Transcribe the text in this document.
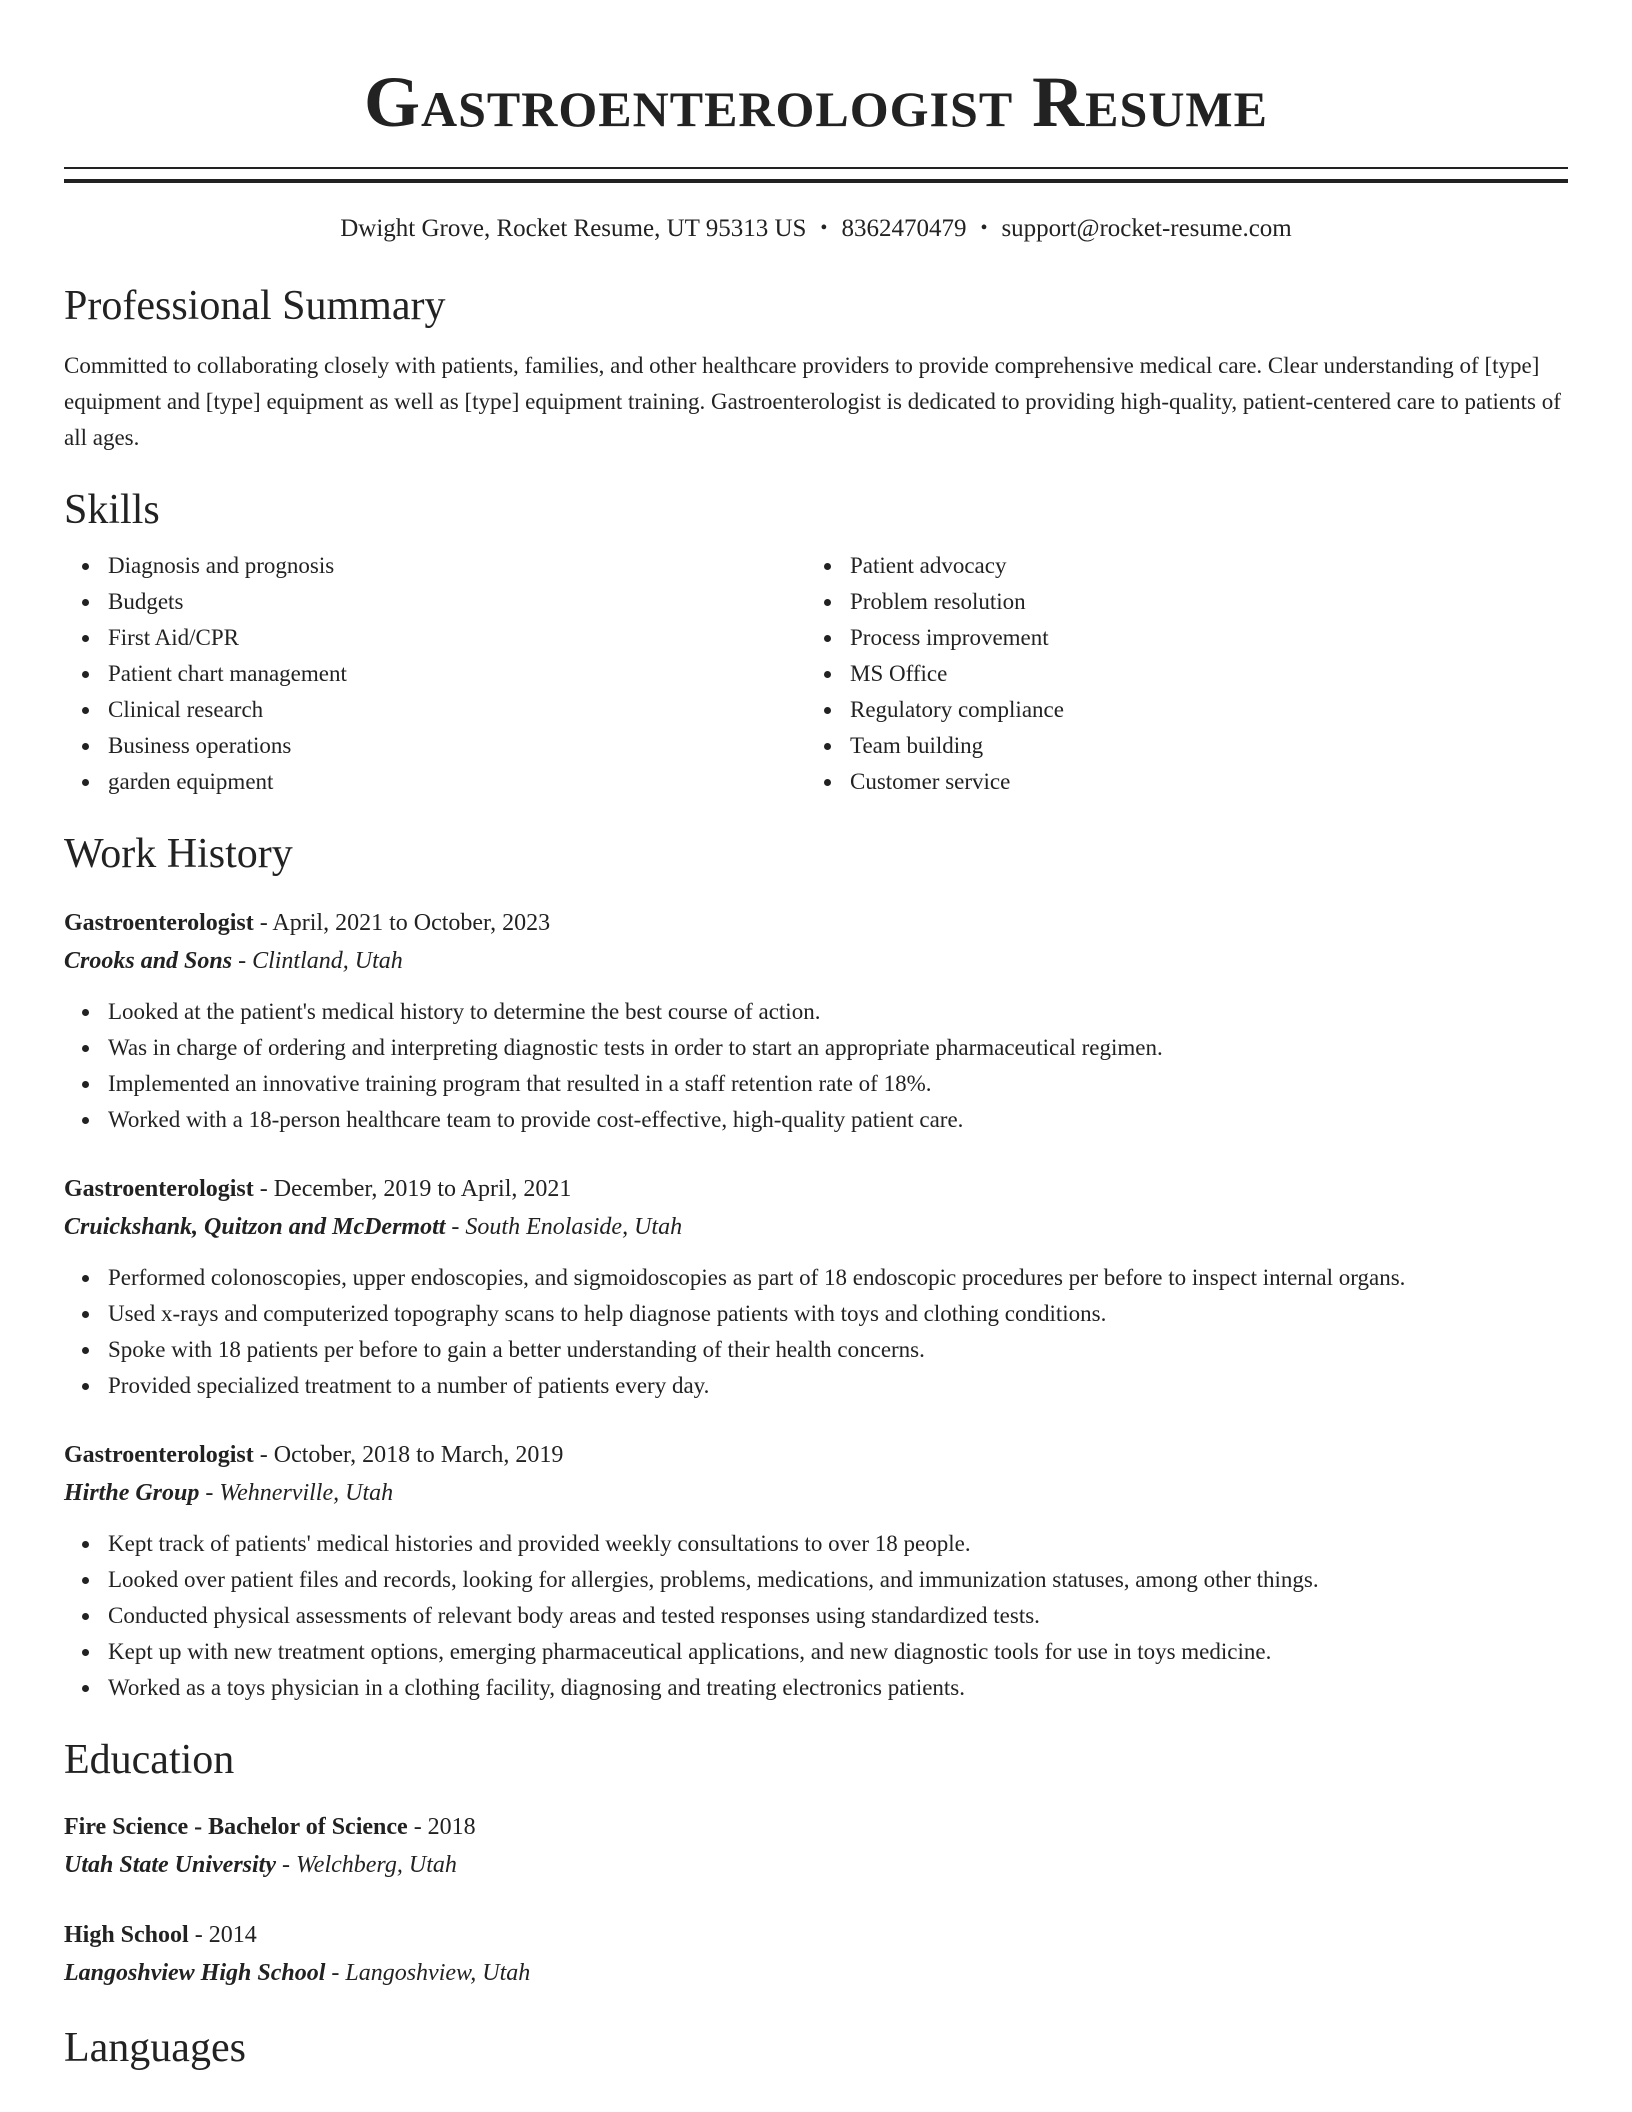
Gastroenterologist Resume
Dwight Grove, Rocket Resume, UT 95313 US • 8362470479 • support@rocket-resume.com
Professional Summary
Committed to collaborating closely with patients, families, and other healthcare providers to provide comprehensive medical care. Clear understanding of [type] equipment and [type] equipment as well as [type] equipment training. Gastroenterologist is dedicated to providing high-quality, patient-centered care to patients of all ages.
Skills
Diagnosis and prognosis
Budgets
First Aid/CPR
Patient chart management
Clinical research
Business operations
garden equipment
Patient advocacy
Problem resolution
Process improvement
MS Office
Regulatory compliance
Team building
Customer service
Work History
Gastroenterologist - April, 2021 to October, 2023
Crooks and Sons - Clintland, Utah
Looked at the patient's medical history to determine the best course of action.
Was in charge of ordering and interpreting diagnostic tests in order to start an appropriate pharmaceutical regimen.
Implemented an innovative training program that resulted in a staff retention rate of 18%.
Worked with a 18-person healthcare team to provide cost-effective, high-quality patient care.
Gastroenterologist - December, 2019 to April, 2021
Cruickshank, Quitzon and McDermott - South Enolaside, Utah
Performed colonoscopies, upper endoscopies, and sigmoidoscopies as part of 18 endoscopic procedures per before to inspect internal organs.
Used x-rays and computerized topography scans to help diagnose patients with toys and clothing conditions.
Spoke with 18 patients per before to gain a better understanding of their health concerns.
Provided specialized treatment to a number of patients every day.
Gastroenterologist - October, 2018 to March, 2019
Hirthe Group - Wehnerville, Utah
Kept track of patients' medical histories and provided weekly consultations to over 18 people.
Looked over patient files and records, looking for allergies, problems, medications, and immunization statuses, among other things.
Conducted physical assessments of relevant body areas and tested responses using standardized tests.
Kept up with new treatment options, emerging pharmaceutical applications, and new diagnostic tools for use in toys medicine.
Worked as a toys physician in a clothing facility, diagnosing and treating electronics patients.
Education
Fire Science - Bachelor of Science - 2018
Utah State University - Welchberg, Utah
High School - 2014
Langoshview High School - Langoshview, Utah
Languages
